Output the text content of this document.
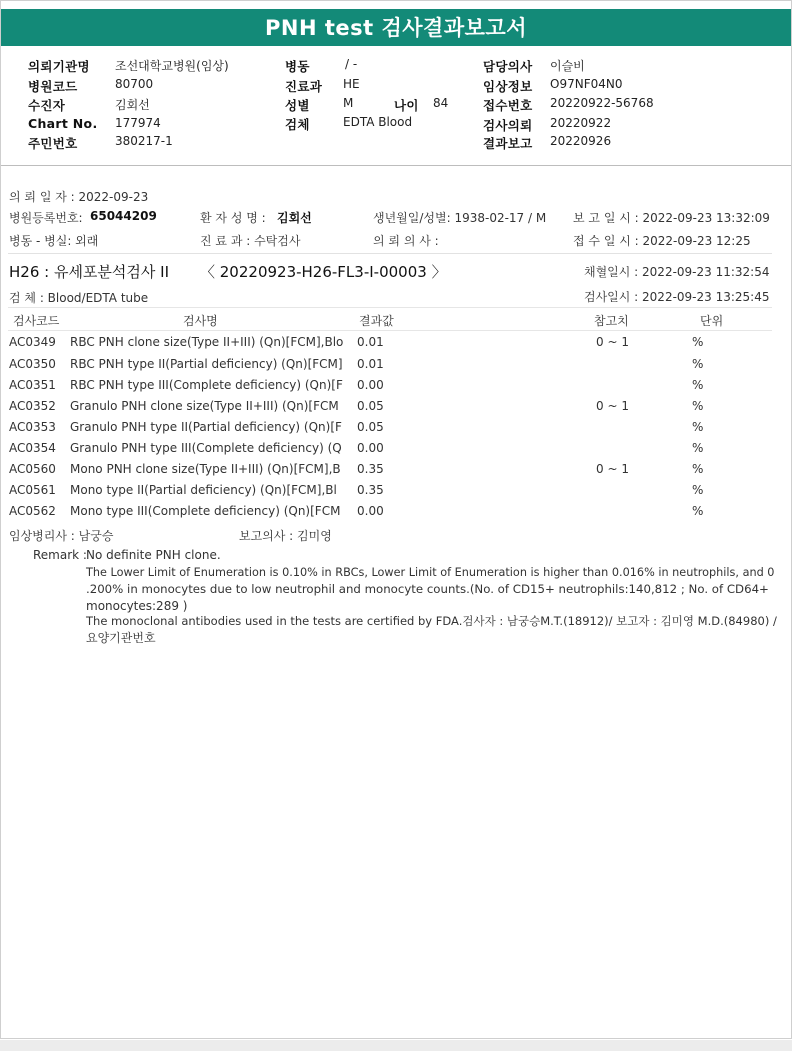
PNH test 검사결과보고서
의뢰기관명 조선대학교병원(임상)
병원코드	80700
수진자	김회선
Chart No. 177974
주민번호	380217-1
병동	/ -
진료과 HE
성별	M	나이 84
검체	EDTA Blood
담당의사 이슬비
임상정보 O97NF04N0
접수번호 20220922-56768
검사의뢰 20220922
결과보고 20220926
의 뢰 일 자 : 2022-09-23
병원등록번호: 65044209	환 자 성 명 : 김회선	생년월일/성별: 1938-02-17 / M 보 고 일 시 : 2022-09-23 13:32:09
병동 - 병실: 외래	진 료 과 : 수탁검사	의 뢰 의 사 :	접 수 일 시 : 2022-09-23 12:25
H26 : 유세포분석검사 II 〈 20220923-H26-FL3-I-00003 〉	채혈일시 : 2022-09-23 11:32:54
검 체 : Blood/EDTA tube	검사일시 : 2022-09-23 13:25:45
검사코드	검사명	결과값	참고치	단위
AC0349 RBC PNH clone size(Type II+III) (Qn)[FCM],Blo	0.01	0 ~ 1	%
AC0350 RBC PNH type II(Partial deficiency) (Qn)[FCM]	0.01	%
AC0351 RBC PNH type III(Complete deficiency) (Qn)[F	0.00	%
AC0352 Granulo PNH clone size(Type II+III) (Qn)[FCM	0.05	0 ~ 1	%
AC0353 Granulo PNH type II(Partial deficiency) (Qn)[F	0.05	%
AC0354 Granulo PNH type III(Complete deficiency) (Q	0.00	%
AC0560 Mono PNH clone size(Type II+III) (Qn)[FCM],B	0.35	0 ~ 1	%
AC0561 Mono type II(Partial deficiency) (Qn)[FCM],Bl	0.35	%
AC0562 Mono type III(Complete deficiency) (Qn)[FCM	0.00	%
임상병리사 : 남궁승	보고의사 : 김미영
Remark : No definite PNH clone.
The Lower Limit of Enumeration is 0.10% in RBCs, Lower Limit of Enumeration is higher than 0.016% in neutrophils, and 0
.200% in monocytes due to low neutrophil and monocyte counts.(No. of CD15+ neutrophils:140,812 ; No. of CD64+
monocytes:289 )
The monoclonal antibodies used in the tests are certified by FDA.검사자 : 남궁승M.T.(18912)/ 보고자 : 김미영 M.D.(84980) /
요양기관번호
